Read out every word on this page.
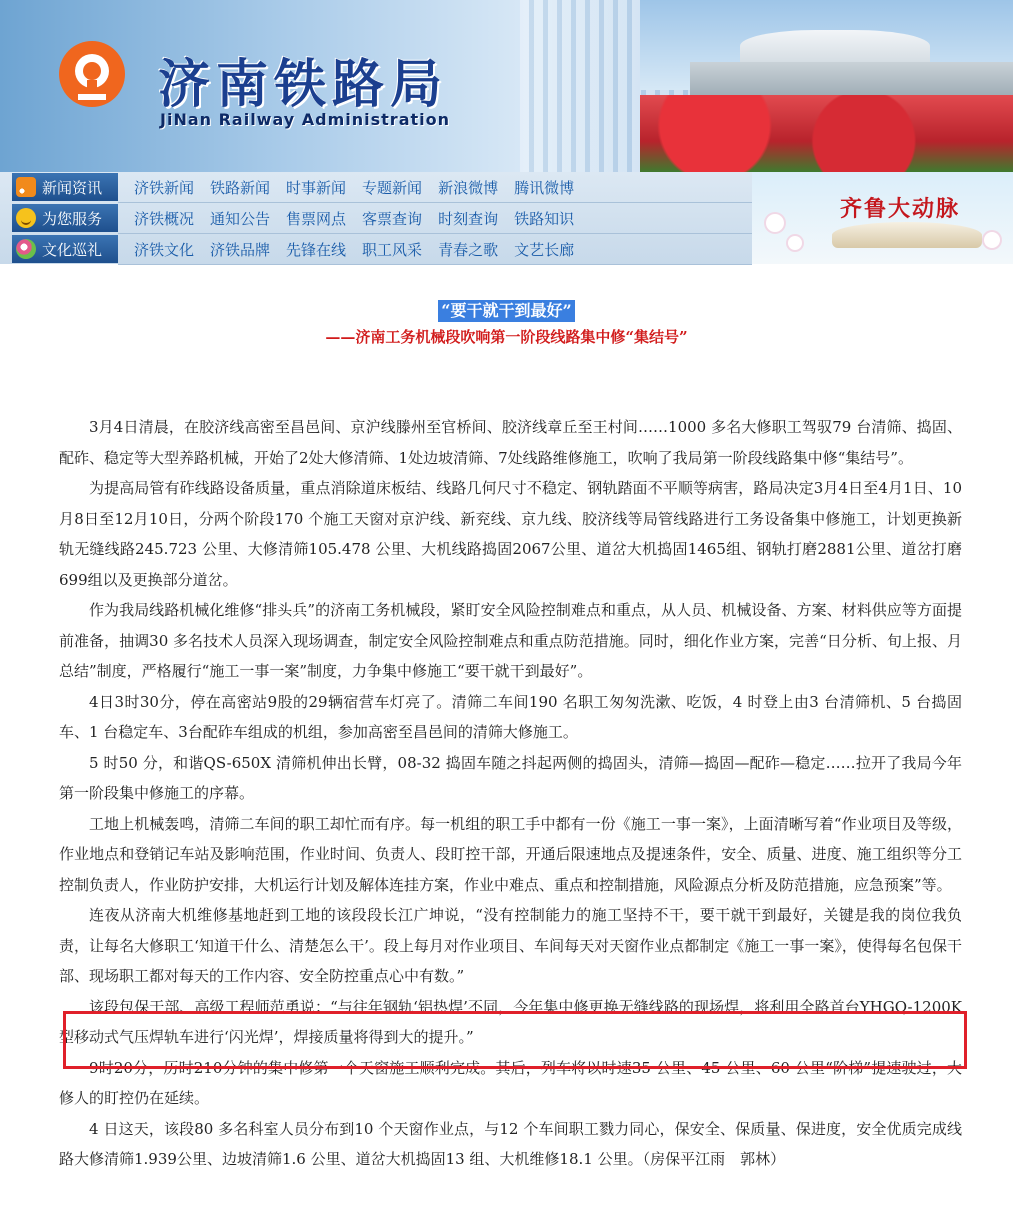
济南铁路局
JiNan Railway Administration
新闻资讯 济铁新闻 铁路新闻 时事新闻 专题新闻 新浪微博 腾讯微博
为您服务 济铁概况 通知公告 售票网点 客票查询 时刻查询 铁路知识
文化巡礼 济铁文化 济铁品牌 先锋在线 职工风采 青春之歌 文艺长廊
齐鲁大动脉
“要干就干到最好”
——济南工务机械段吹响第一阶段线路集中修“集结号”

3月4日清晨，在胶济线高密至昌邑间、京沪线滕州至官桥间、胶济线章丘至王村间……1000 多名大修职工驾驭79 台清筛、捣固、配砟、稳定等大型养路机械，开始了2处大修清筛、1处边坡清筛、7处线路维修施工，吹响了我局第一阶段线路集中修“集结号”。

为提高局管有砟线路设备质量，重点消除道床板结、线路几何尺寸不稳定、钢轨踏面不平顺等病害，路局决定3月4日至4月1日、10月8日至12月10日，分两个阶段170 个施工天窗对京沪线、新兖线、京九线、胶济线等局管线路进行工务设备集中修施工，计划更换新轨无缝线路245.723 公里、大修清筛105.478 公里、大机线路捣固2067公里、道岔大机捣固1465组、钢轨打磨2881公里、道岔打磨699组以及更换部分道岔。

作为我局线路机械化维修“排头兵”的济南工务机械段，紧盯安全风险控制难点和重点，从人员、机械设备、方案、材料供应等方面提前准备，抽调30 多名技术人员深入现场调查，制定安全风险控制难点和重点防范措施。同时，细化作业方案，完善“日分析、旬上报、月总结”制度，严格履行“施工一事一案”制度，力争集中修施工“要干就干到最好”。

4日3时30分，停在高密站9股的29辆宿营车灯亮了。清筛二车间190 名职工匆匆洗漱、吃饭，4 时登上由3 台清筛机、5 台捣固车、1 台稳定车、3台配砟车组成的机组，参加高密至昌邑间的清筛大修施工。

5 时50 分，和谐QS-650X 清筛机伸出长臂，08-32 捣固车随之抖起两侧的捣固头，清筛—捣固—配砟—稳定……拉开了我局今年第一阶段集中修施工的序幕。

工地上机械轰鸣，清筛二车间的职工却忙而有序。每一机组的职工手中都有一份《施工一事一案》，上面清晰写着“作业项目及等级，作业地点和登销记车站及影响范围，作业时间、负责人、段盯控干部，开通后限速地点及提速条件，安全、质量、进度、施工组织等分工控制负责人，作业防护安排，大机运行计划及解体连挂方案，作业中难点、重点和控制措施，风险源点分析及防范措施，应急预案”等。

连夜从济南大机维修基地赶到工地的该段段长江广坤说，“没有控制能力的施工坚持不干，要干就干到最好，关键是我的岗位我负责，让每名大修职工‘知道干什么、清楚怎么干’。段上每月对作业项目、车间每天对天窗作业点都制定《施工一事一案》，使得每名包保干部、现场职工都对每天的工作内容、安全防控重点心中有数。”

该段包保干部、高级工程师范勇说：“与往年钢轨‘铝热焊’不同，今年集中修更换无缝线路的现场焊，将利用全路首台YHGQ-1200K型移动式气压焊轨车进行‘闪光焊’，焊接质量将得到大的提升。”

9时20分，历时210分钟的集中修第一个天窗施工顺利完成。其后，列车将以时速35 公里、45 公里、60 公里“阶梯”提速驶过，大修人的盯控仍在延续。

4 日这天，该段80 多名科室人员分布到10 个天窗作业点，与12 个车间职工戮力同心，保安全、保质量、保进度，安全优质完成线路大修清筛1.939公里、边坡清筛1.6 公里、道岔大机捣固13 组、大机维修18.1 公里。（房保平江雨　郭林）
